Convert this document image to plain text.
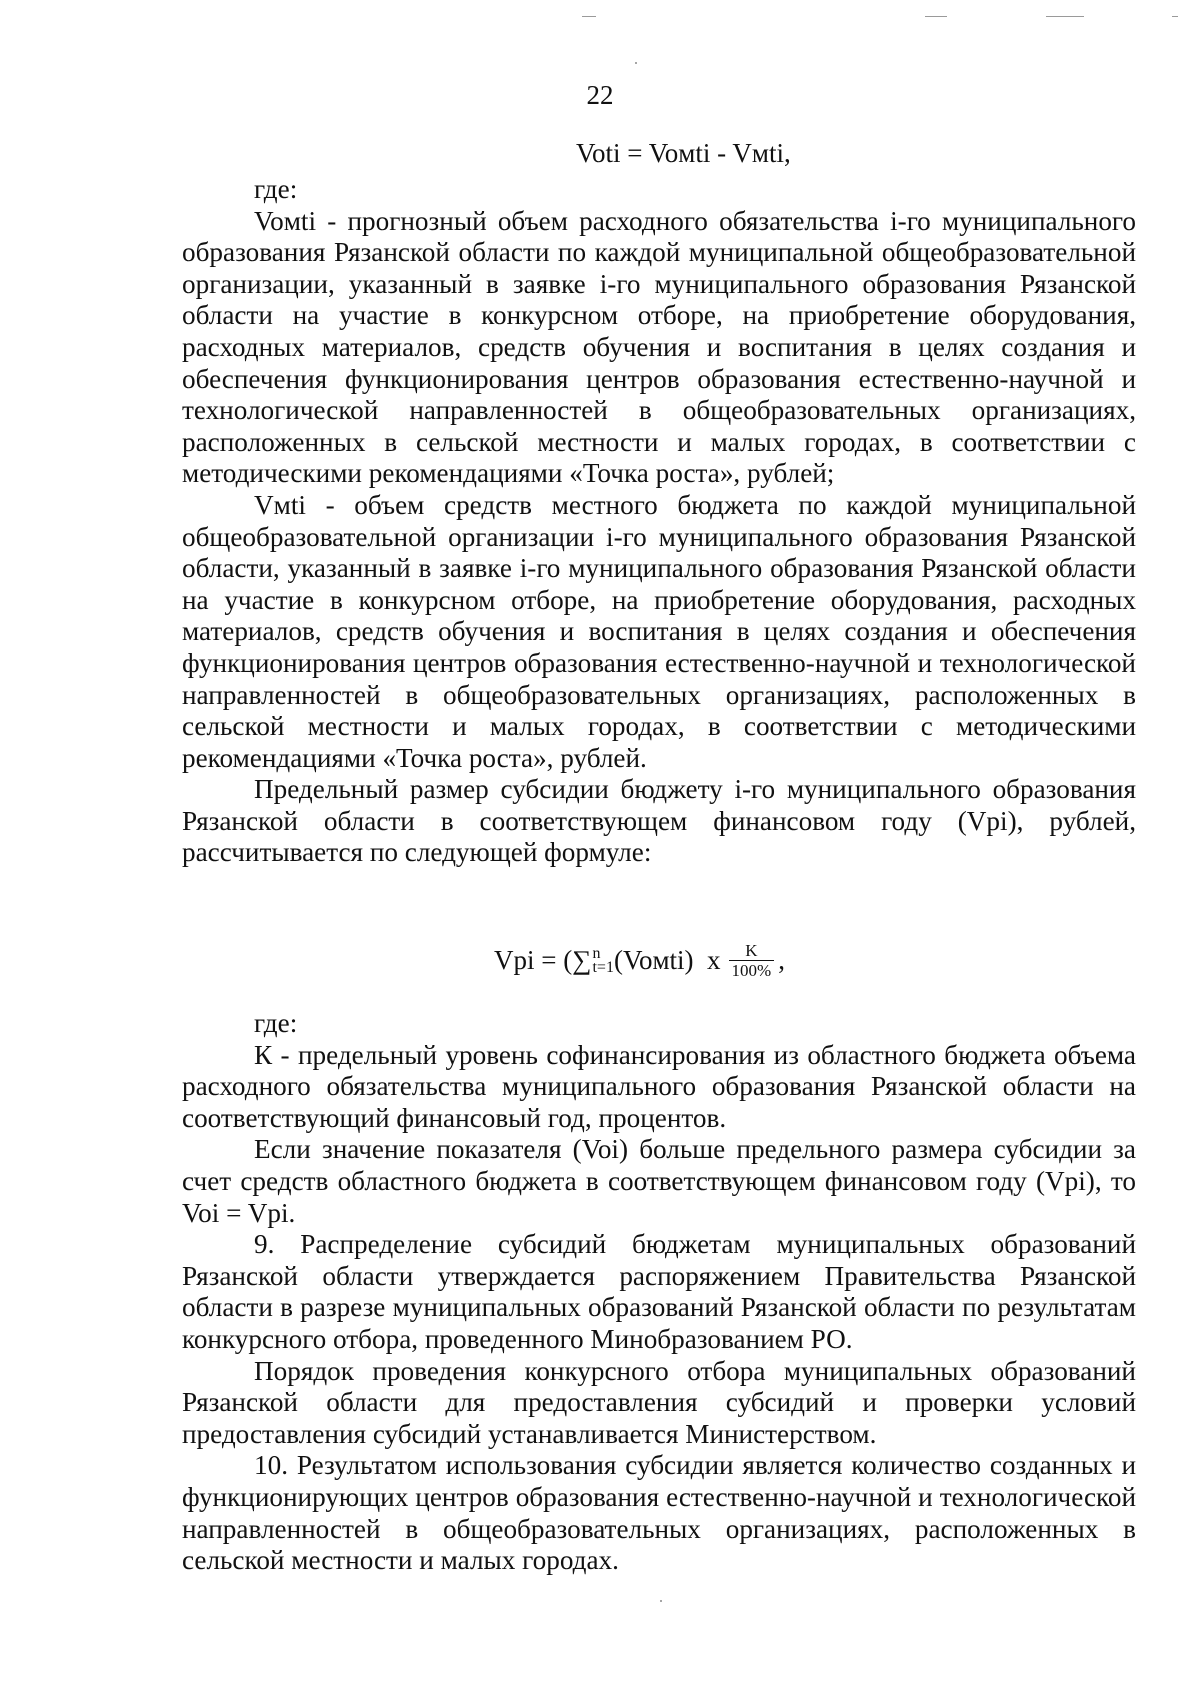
22
Voti = Voмti - Vмti,

где:

Voмti - прогнозный объем расходного обязательства i-го муниципального образования Рязанской области по каждой муниципальной общеобразовательной организации, указанный в заявке i-го муниципального образования Рязанской области на участие в конкурсном отборе, на приобретение оборудования, расходных материалов, средств обучения и воспитания в целях создания и обеспечения функционирования центров образования естественно-научной и технологической направленностей в общеобразовательных организациях, расположенных в сельской местности и малых городах, в соответствии с методическими рекомендациями «Точка роста», рублей;

Vмti - объем средств местного бюджета по каждой муниципальной общеобразовательной организации i-го муниципального образования Рязанской области, указанный в заявке i-го муниципального образования Рязанской области на участие в конкурсном отборе, на приобретение оборудования, расходных материалов, средств обучения и воспитания в целях создания и обеспечения функционирования центров образования естественно-научной и технологической направленностей в общеобразовательных организациях, расположенных в сельской местности и малых городах, в соответствии с методическими рекомендациями «Точка роста», рублей.

Предельный размер субсидии бюджету i-го муниципального образования Рязанской области в соответствующем финансовом году (Vpi), рублей, рассчитывается по следующей формуле:

Vpi =
(∑ n
t=1 (Voмti)
x $\frac{K}{100\%}$ ,

где:

К - предельный уровень софинансирования из областного бюджета объема расходного обязательства муниципального образования Рязанской области на соответствующий финансовый год, процентов.

Если значение показателя (Voi) больше предельного размера субсидии за счет средств областного бюджета в соответствующем финансовом году (Vpi), то Voi = Vpi.

9. Распределение субсидий бюджетам муниципальных образований Рязанской области утверждается распоряжением Правительства Рязанской области в разрезе муниципальных образований Рязанской области по результатам конкурсного отбора, проведенного Минобразованием РО.

Порядок проведения конкурсного отбора муниципальных образований Рязанской области для предоставления субсидий и проверки условий предоставления субсидий устанавливается Министерством.

10. Результатом использования субсидии является количество созданных и функционирующих центров образования естественно-научной и технологической направленностей в общеобразовательных организациях, расположенных в сельской местности и малых городах.
